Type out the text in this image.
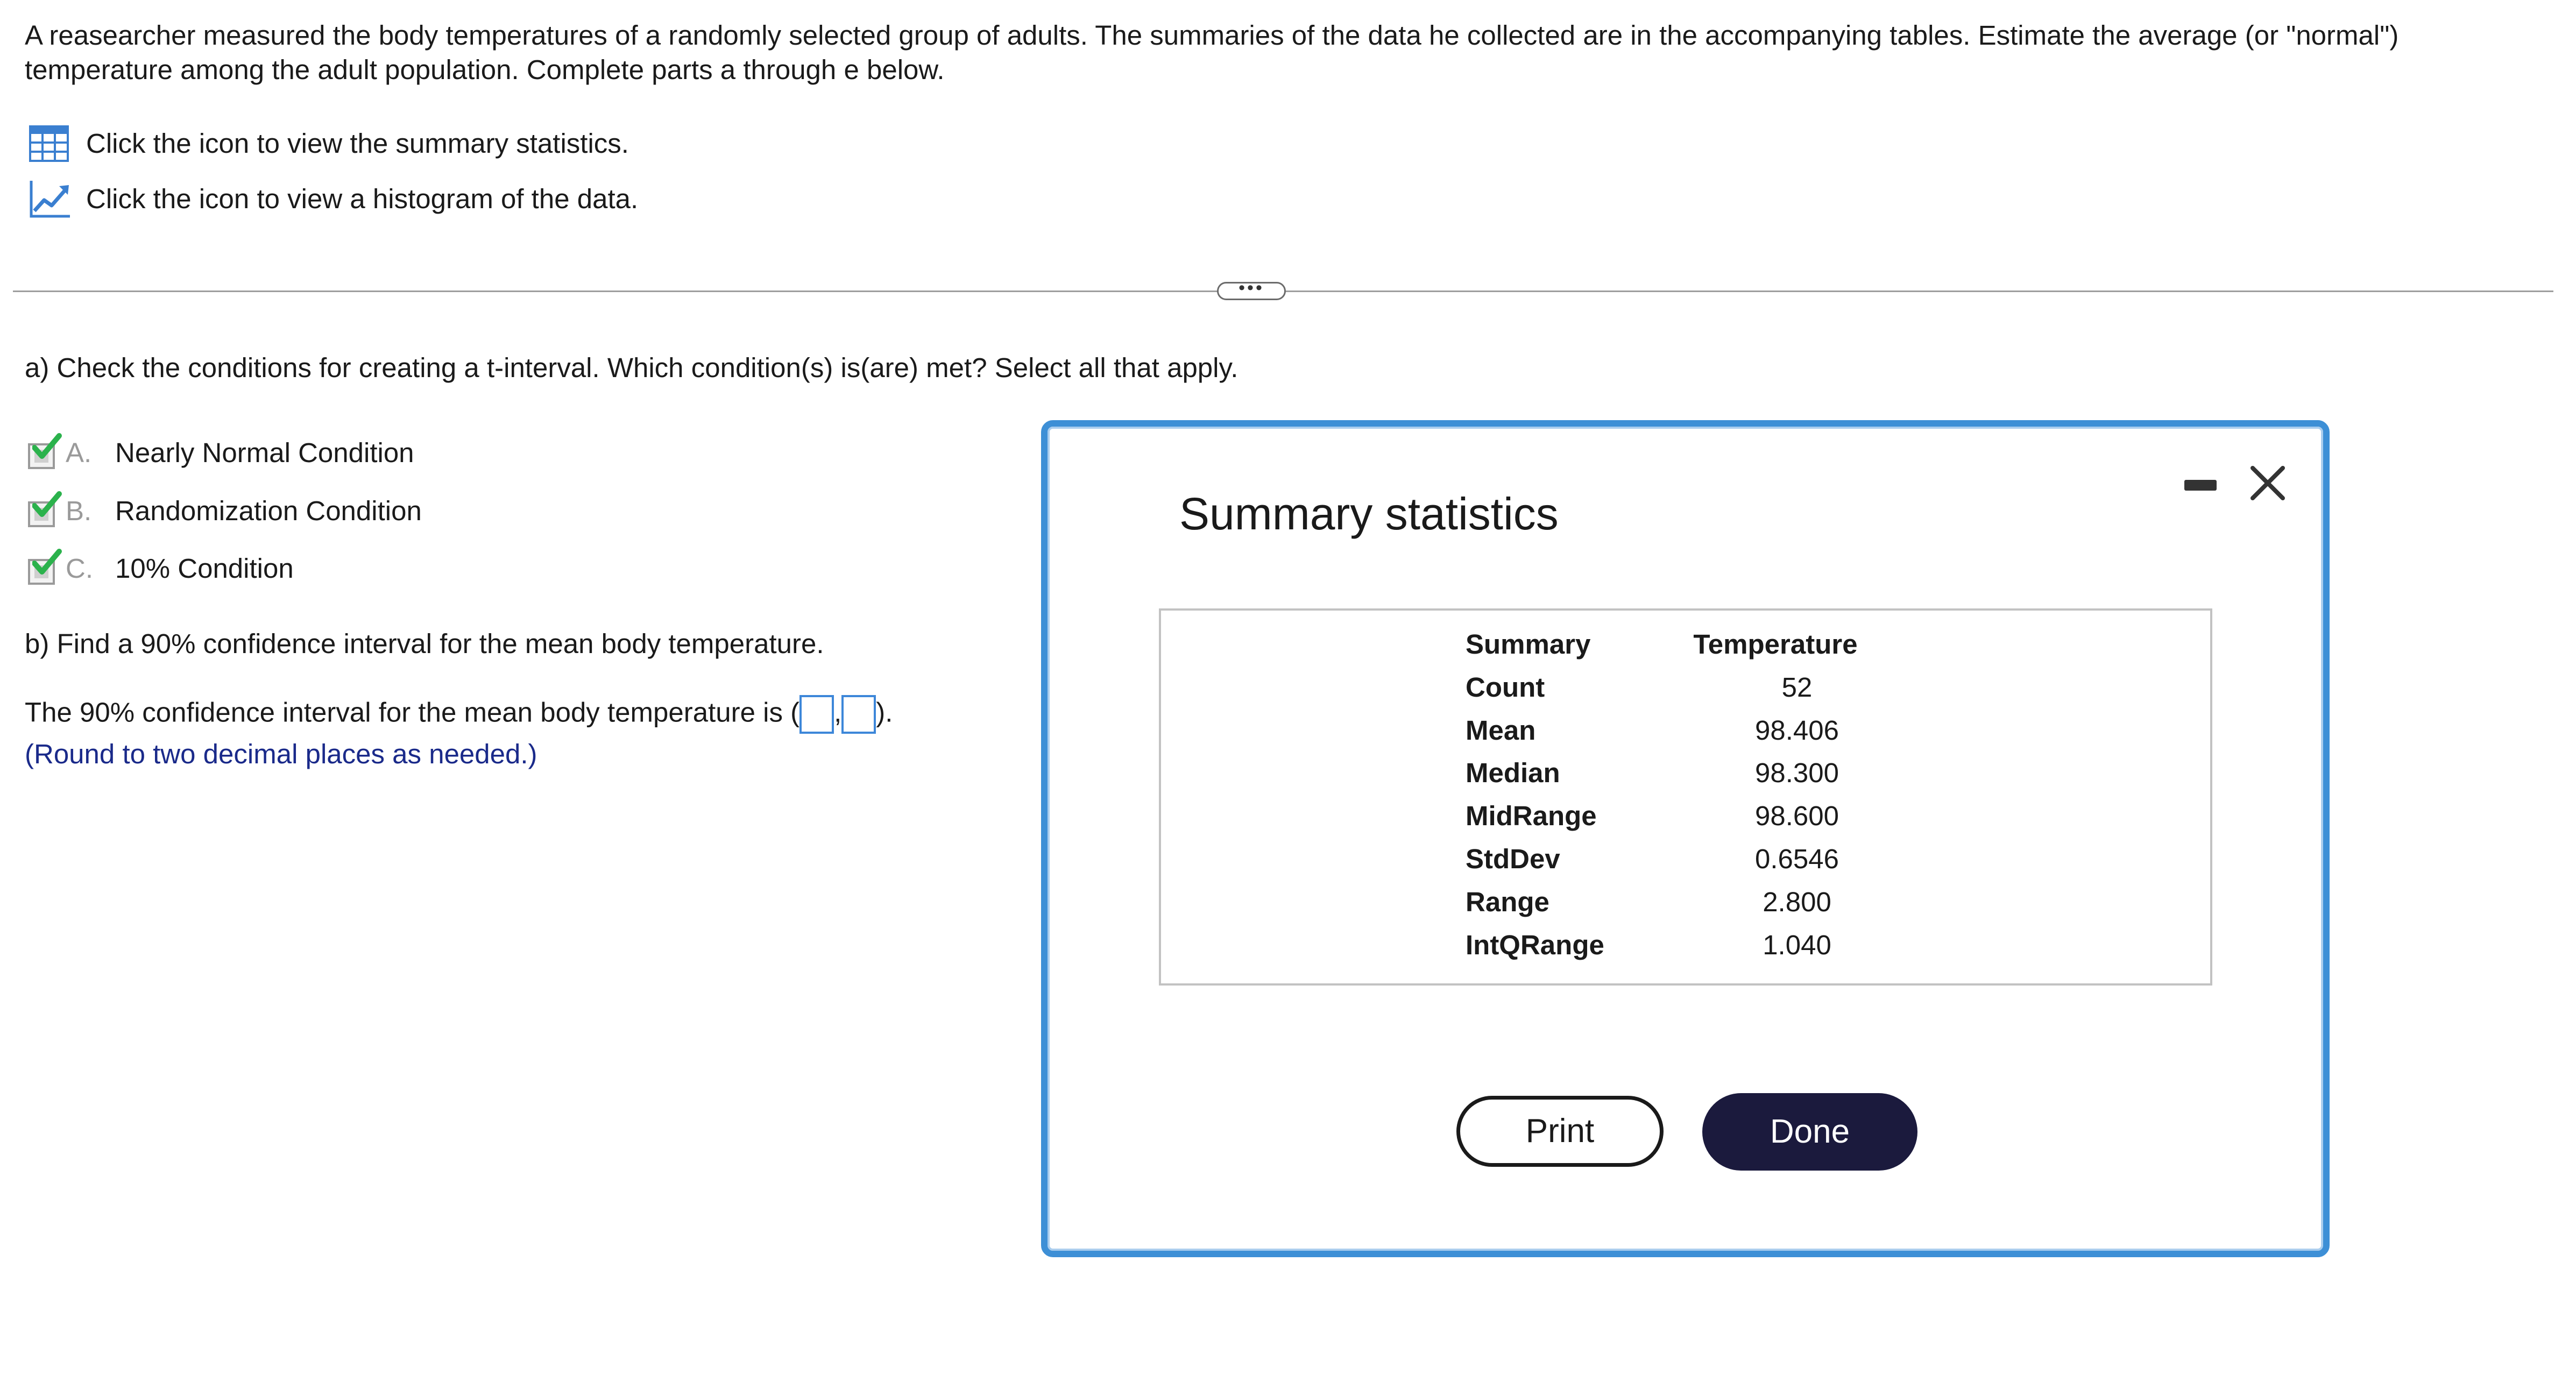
A reasearcher measured the body temperatures of a randomly selected group of adults. The summaries of the data he collected are in the accompanying tables. Estimate the average (or "normal") temperature among the adult population. Complete parts a through e below.
Click the icon to view the summary statistics.
Click the icon to view a histogram of the data.
•••
a) Check the conditions for creating a t-interval. Which condition(s) is(are) met? Select all that apply.
A. Nearly Normal Condition
B. Randomization Condition
C. 10% Condition
b) Find a 90% confidence interval for the mean body temperature.
The 90% confidence interval for the mean body temperature is ( , ).
(Round to two decimal places as needed.)
Summary statistics
Summary	Temperature
Count	52
Mean	98.406
Median	98.300
MidRange	98.600
StdDev	0.6546
Range	2.800
IntQRange	1.040
Print	Done
